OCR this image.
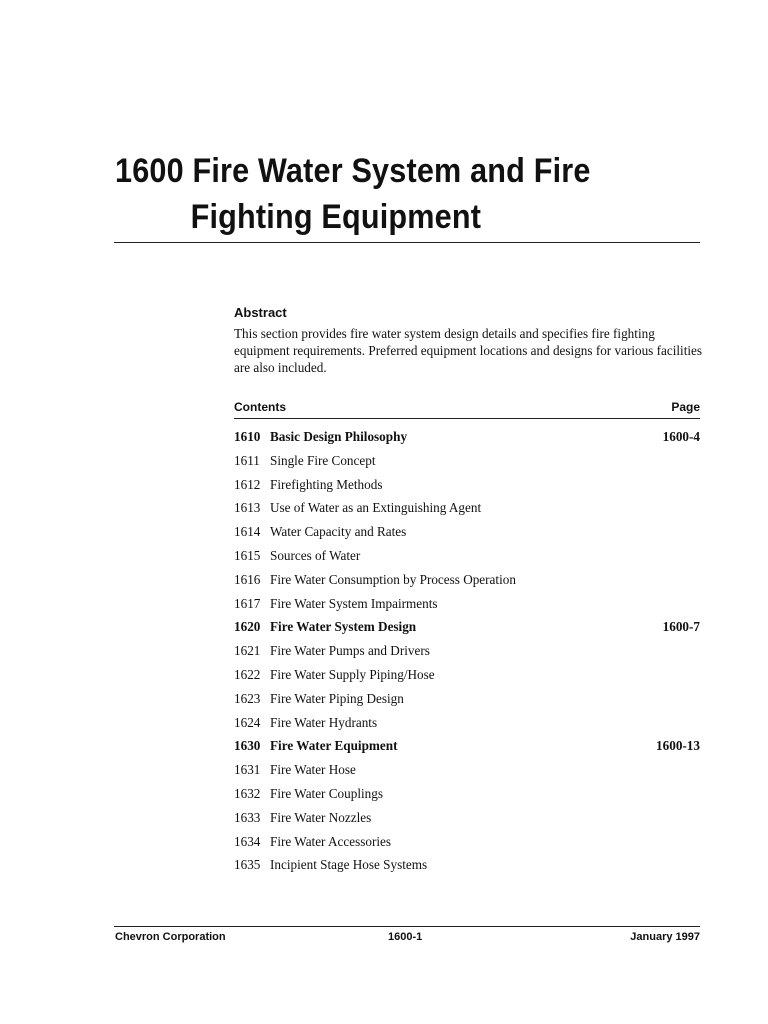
1600 Fire Water System and Fire

Fighting Equipment
Abstract
This section provides fire water system design details and specifies fire fighting equipment requirements. Preferred equipment locations and designs for various facilities are also included.
Contents	Page
1610 Basic Design Philosophy	1600-4
1611 Single Fire Concept
1612 Firefighting Methods
1613 Use of Water as an Extinguishing Agent
1614 Water Capacity and Rates
1615 Sources of Water
1616 Fire Water Consumption by Process Operation
1617 Fire Water System Impairments
1620 Fire Water System Design	1600-7
1621 Fire Water Pumps and Drivers
1622 Fire Water Supply Piping/Hose
1623 Fire Water Piping Design
1624 Fire Water Hydrants
1630 Fire Water Equipment	1600-13
1631 Fire Water Hose
1632 Fire Water Couplings
1633 Fire Water Nozzles
1634 Fire Water Accessories
1635 Incipient Stage Hose Systems
Chevron Corporation	1600-1	January 1997
